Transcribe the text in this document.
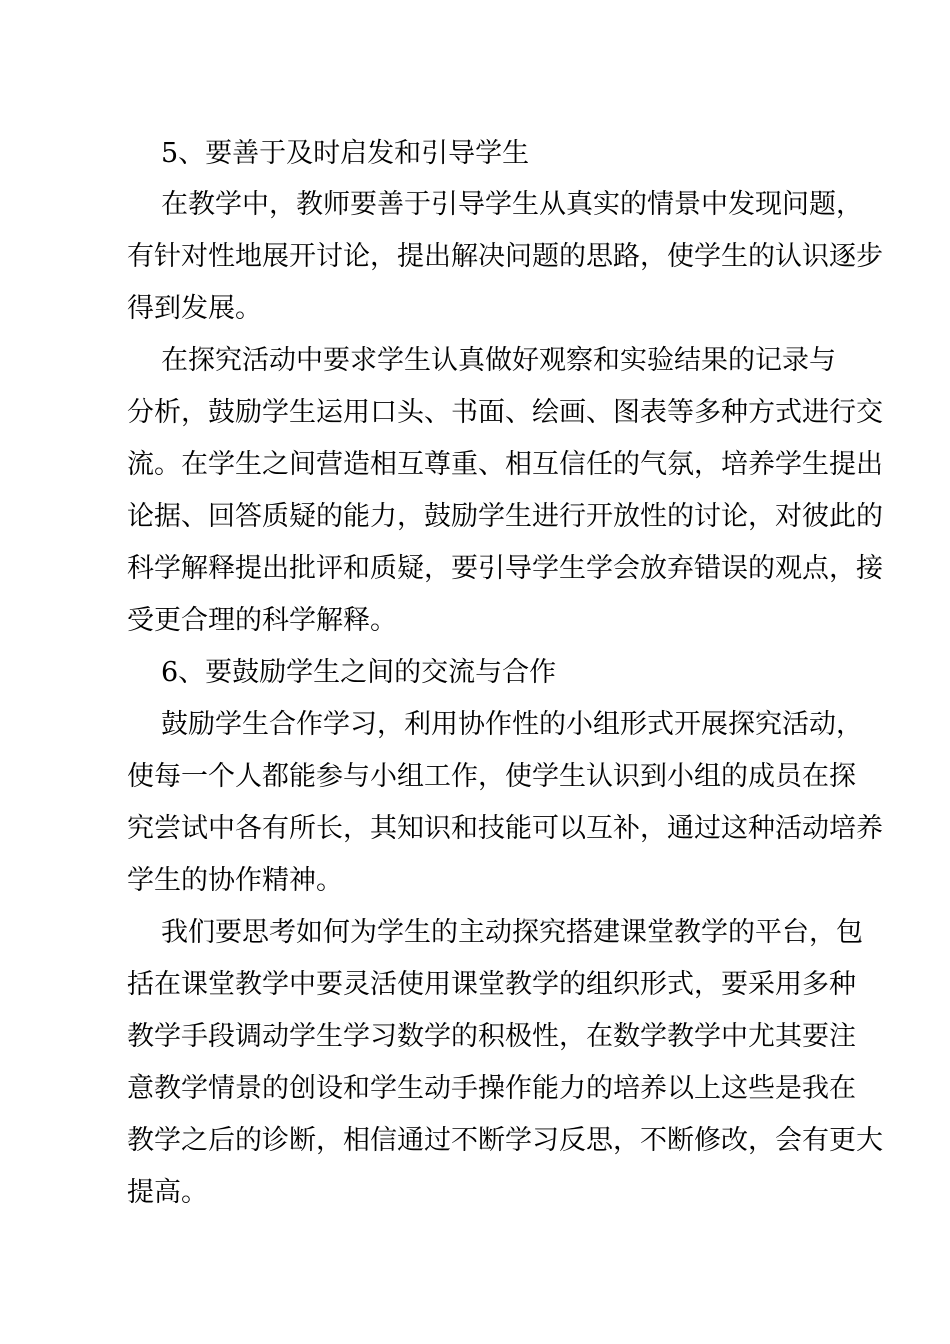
5、要善于及时启发和引导学生
在 教 学 中 ， 教 师 要 善 于 引 导 学 生 从 真 实 的 情 景 中 发 现 问 题 ，
有 针 对 性 地 展 开 讨 论 ， 提 出 解 决 问 题 的 思 路 ， 使 学 生 的 认 识 逐 步
得到发展。
在 探 究 活 动 中 要 求 学 生 认 真 做 好 观 察 和 实 验 结 果 的 记 录 与
分 析 ， 鼓 励 学 生 运 用 口 头 、 书 面 、 绘 画 、 图 表 等 多 种 方 式 进 行 交
流 。 在 学 生 之 间 营 造 相 互 尊 重 、 相 互 信 任 的 气 氛 ， 培 养 学 生 提 出
论 据 、 回 答 质 疑 的 能 力 ， 鼓 励 学 生 进 行 开 放 性 的 讨 论 ， 对 彼 此 的
科 学 解 释 提 出 批 评 和 质 疑 ， 要 引 导 学 生 学 会 放 弃 错 误 的 观 点 ， 接
受更合理的科学解释。
6、要鼓励学生之间的交流与合作
鼓 励 学 生 合 作 学 习 ， 利 用 协 作 性 的 小 组 形 式 开 展 探 究 活 动 ，
使 每 一 个 人 都 能 参 与 小 组 工 作 ， 使 学 生 认 识 到 小 组 的 成 员 在 探
究 尝 试 中 各 有 所 长 ， 其 知 识 和 技 能 可 以 互 补 ， 通 过 这 种 活 动 培 养
学生的协作精神。
我 们 要 思 考 如 何 为 学 生 的 主 动 探 究 搭 建 课 堂 教 学 的 平 台 ， 包
括 在 课 堂 教 学 中 要 灵 活 使 用 课 堂 教 学 的 组 织 形 式 ， 要 采 用 多 种
教 学 手 段 调 动 学 生 学 习 数 学 的 积 极 性 ， 在 数 学 教 学 中 尤 其 要 注
意 教 学 情 景 的 创 设 和 学 生 动 手 操 作 能 力 的 培 养 以 上 这 些 是 我 在
教 学 之 后 的 诊 断 ， 相 信 通 过 不 断 学 习 反 思 ， 不 断 修 改 ， 会 有 更 大
提高。
